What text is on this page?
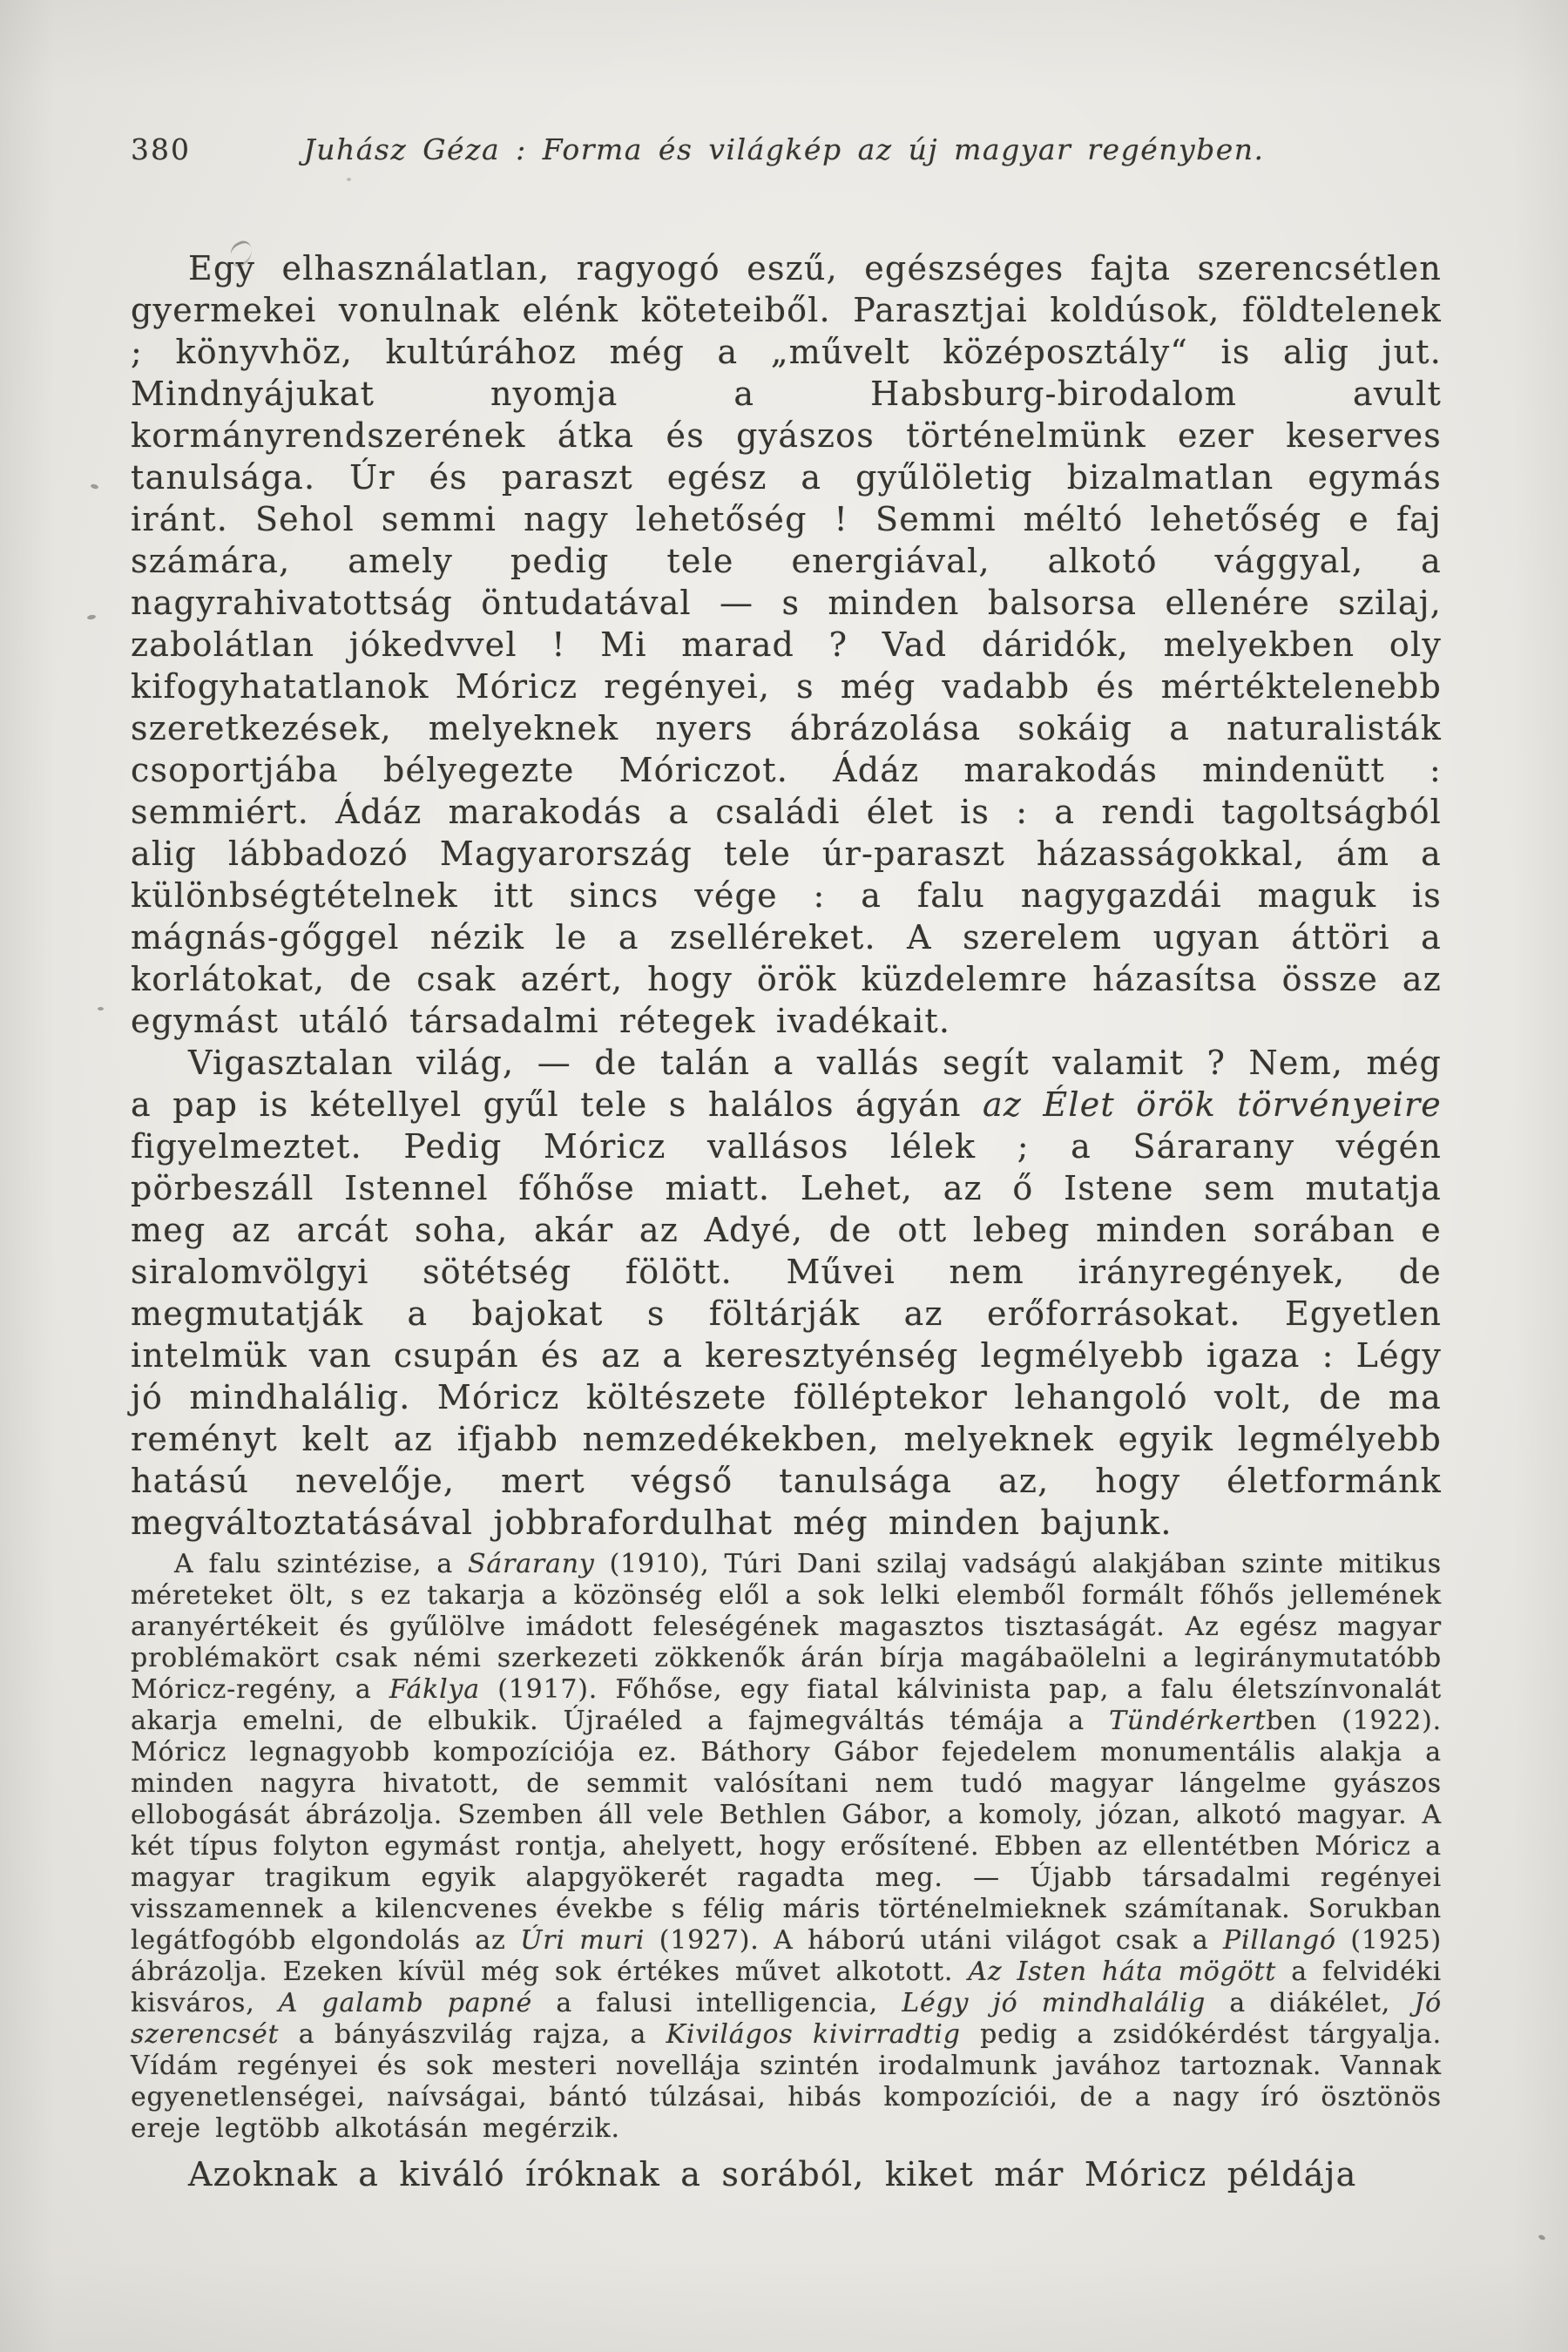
380	Juhász Géza : Forma és világkép az új magyar regényben.

Egy elhasználatlan, ragyogó eszű, egészséges fajta szerencsétlen gyermekei vonulnak elénk köteteiből. Parasztjai koldúsok, földtelenek ; könyvhöz, kultúrához még a „művelt középosztály“ is alig jut. Mindnyájukat nyomja a Habsburg-birodalom avult kormányrendszerének átka és gyászos történelmünk ezer keserves tanulsága. Úr és paraszt egész a gyűlöletig bizalmatlan egymás iránt. Sehol semmi nagy lehetőség ! Semmi méltó lehetőség e faj számára, amely pedig tele energiával, alkotó vággyal, a nagyrahivatottság öntudatával — s minden balsorsa ellenére szilaj, zabolátlan jókedvvel ! Mi marad ? Vad dáridók, melyekben oly kifogyhatatlanok Móricz regényei, s még vadabb és mértéktelenebb szeretkezések, melyeknek nyers ábrázolása sokáig a naturalisták csoportjába bélyegezte Móriczot. Ádáz marakodás mindenütt : semmiért. Ádáz marakodás a családi élet is : a rendi tagoltságból alig lábbadozó Magyarország tele úr-paraszt házasságokkal, ám a különbségtételnek itt sincs vége : a falu nagygazdái maguk is mágnás-gőggel nézik le a zselléreket. A szerelem ugyan áttöri a korlátokat, de csak azért, hogy örök küzdelemre házasítsa össze az egymást utáló társadalmi rétegek ivadékait.

Vigasztalan világ, — de talán a vallás segít valamit ? Nem, még a pap is kétellyel gyűl tele s halálos ágyán az Élet örök törvényeire figyelmeztet. Pedig Móricz vallásos lélek ; a Sárarany végén pörbeszáll Istennel főhőse miatt. Lehet, az ő Istene sem mutatja meg az arcát soha, akár az Adyé, de ott lebeg minden sorában e siralomvölgyi sötétség fölött. Művei nem irányregények, de megmutatják a bajokat s föltárják az erőforrásokat. Egyetlen intelmük van csupán és az a keresztyénség legmélyebb igaza : Légy jó mindhalálig. Móricz költészete fölléptekor lehangoló volt, de ma reményt kelt az ifjabb nemzedékekben, melyeknek egyik legmélyebb hatású nevelője, mert végső tanulsága az, hogy életformánk megváltoztatásával jobbrafordulhat még minden bajunk.

A falu szintézise, a Sárarany (1910), Túri Dani szilaj vadságú alakjában szinte mitikus méreteket ölt, s ez takarja a közönség elől a sok lelki elemből formált főhős jellemének aranyértékeit és gyűlölve imádott feleségének magasztos tisztaságát. Az egész magyar problémakört csak némi szerkezeti zökkenők árán bírja magábaölelni a legiránymutatóbb Móricz-regény, a Fáklya (1917). Főhőse, egy fiatal kálvinista pap, a falu életszínvonalát akarja emelni, de elbukik. Újraéled a fajmegváltás témája a Tündérkertben (1922). Móricz legnagyobb kompozíciója ez. Báthory Gábor fejedelem monumentális alakja a minden nagyra hivatott, de semmit valósítani nem tudó magyar lángelme gyászos ellobogását ábrázolja. Szemben áll vele Bethlen Gábor, a komoly, józan, alkotó magyar. A két típus folyton egymást rontja, ahelyett, hogy erősítené. Ebben az ellentétben Móricz a magyar tragikum egyik alapgyökerét ragadta meg. — Újabb társadalmi regényei visszamennek a kilencvenes évekbe s félig máris történelmieknek számítanak. Sorukban legátfogóbb elgondolás az Úri muri (1927). A háború utáni világot csak a Pillangó (1925) ábrázolja. Ezeken kívül még sok értékes művet alkotott. Az Isten háta mögött a felvidéki kisváros, A galamb papné a falusi intelligencia, Légy jó mindhalálig a diákélet, Jó szerencsét a bányászvilág rajza, a Kivilágos kivirradtig pedig a zsidókérdést tárgyalja. Vídám regényei és sok mesteri novellája szintén irodalmunk javához tartoznak. Vannak egyenetlenségei, naívságai, bántó túlzásai, hibás kompozíciói, de a nagy író ösztönös ereje legtöbb alkotásán megérzik.

Azoknak a kiváló íróknak a sorából, kiket már Móricz példája
